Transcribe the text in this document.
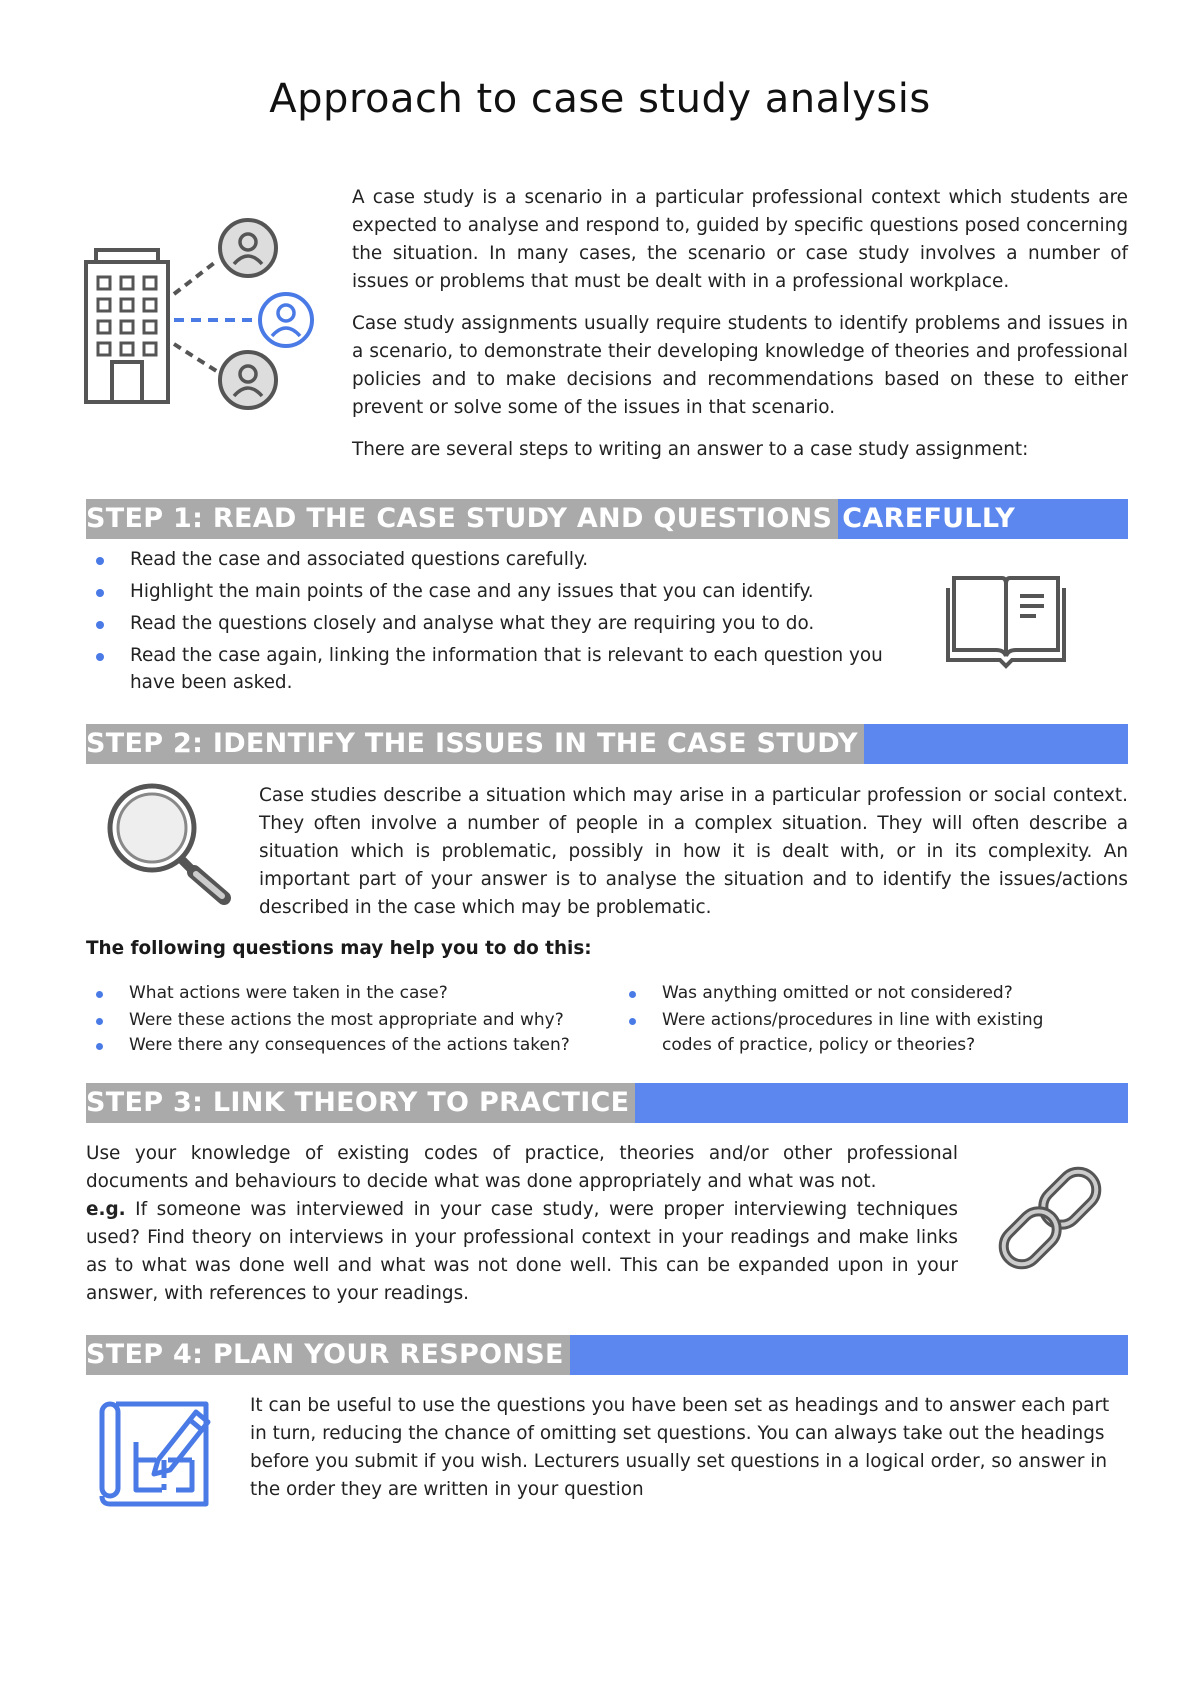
Approach to case study analysis
A case study is a scenario in a particular professional context which students are expected to analyse and respond to, guided by specific questions posed concerning the situation. In many cases, the scenario or case study involves a number of issues or problems that must be dealt with in a professional workplace.
Case study assignments usually require students to identify problems and issues in a scenario, to demonstrate their developing knowledge of theories and professional policies and to make decisions and recommendations based on these to either prevent or solve some of the issues in that scenario.
There are several steps to writing an answer to a case study assignment:
STEP 1: READ THE CASE STUDY AND QUESTIONS CAREFULLY
Read the case and associated questions carefully.
Highlight the main points of the case and any issues that you can identify.
Read the questions closely and analyse what they are requiring you to do.
Read the case again, linking the information that is relevant to each question you have been asked.
STEP 2: IDENTIFY THE ISSUES IN THE CASE STUDY
Case studies describe a situation which may arise in a particular profession or social context. They often involve a number of people in a complex situation. They will often describe a situation which is problematic, possibly in how it is dealt with, or in its complexity. An important part of your answer is to analyse the situation and to identify the issues/actions described in the case which may be problematic.
The following questions may help you to do this:
What actions were taken in the case?
Were these actions the most appropriate and why?
Were there any consequences of the actions taken?
Was anything omitted or not considered?
Were actions/procedures in line with existing codes of practice, policy or theories?
STEP 3: LINK THEORY TO PRACTICE
Use your knowledge of existing codes of practice, theories and/or other professional documents and behaviours to decide what was done appropriately and what was not.
e.g. If someone was interviewed in your case study, were proper interviewing techniques used? Find theory on interviews in your professional context in your readings and make links as to what was done well and what was not done well. This can be expanded upon in your answer, with references to your readings.
STEP 4: PLAN YOUR RESPONSE
It can be useful to use the questions you have been set as headings and to answer each part in turn, reducing the chance of omitting set questions. You can always take out the headings before you submit if you wish. Lecturers usually set questions in a logical order, so answer in the order they are written in your question
